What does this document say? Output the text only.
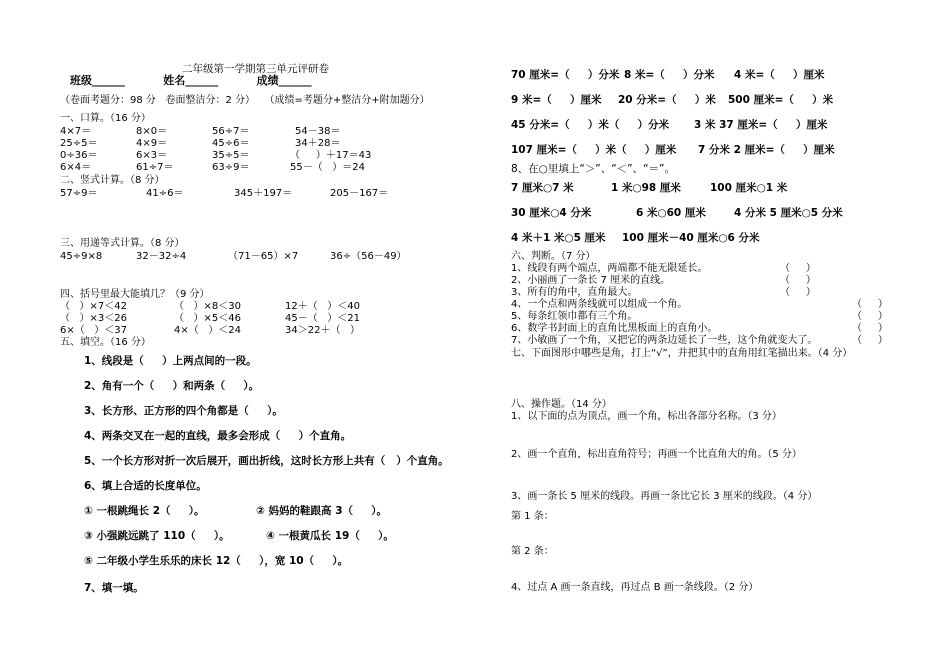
二年级第一学期第三单元评研卷
班级______          姓名______          成绩______
（卷面考题分：98 分   卷面整洁分：2 分）   （成绩=考题分+整洁分+附加题分）
一、口算。（16 分）
4×7＝	8×0＝	56÷7＝	54－38＝
25÷5＝	4×9＝	45÷6＝	34＋28＝
0÷36＝	6×3＝	35÷5＝	（     ）＋17＝43
6×4＝	61÷7＝	63÷9＝	55－（   ）＝24
二、竖式计算。（8 分）
57÷9＝	41÷6＝	345＋197＝	205－167＝
三、用递等式计算。（8 分）
45÷9×8	32－32÷4	（71－65）×7	36÷（56－49）
四、括号里最大能填几？（9 分）
（   ）×7＜42	（   ）×8＜30	12＋（   ）＜40
（   ）×3＜26	（   ）×5＜46	45－（   ）＜21
6×（   ）＜37	4×（   ）＜24	34＞22＋（   ）
五、填空。（16 分）
1、线段是（     ）上两点间的一段。
2、角有一个（     ）和两条（     ）。
3、长方形、正方形的四个角都是（     ）。
4、两条交叉在一起的直线，最多会形成（     ）个直角。
5、一个长方形对折一次后展开，画出折线，这时长方形上共有（   ）个直角。
6、填上合适的长度单位。
① 一根跳绳长 2（     ）。	② 妈妈的鞋跟高 3（     ）。
③ 小强跳远跳了 110（     ）。	④ 一根黄瓜长 19（     ）。
⑤ 二年级小学生乐乐的床长 12（     ），宽 10（     ）。
7、填一填。
70 厘米=（     ）分米 8 米=（     ）分米 4 米=（     ）厘米
9 米=（     ）厘米 20 分米=（     ）米 500 厘米=（     ）米
45 分米=（     ）米（     ）分米 3 米 37 厘米=（     ）厘米
107 厘米=（     ）米（     ）厘米 7 分米 2 厘米=（     ）厘米
8、在○里填上“＞”、“＜”、“＝”。
7 厘米○7 米	1 米○98 厘米	100 厘米○1 米
30 厘米○4 分米	6 米○60 厘米	4 分米 5 厘米○5 分米
4 米＋1 米○5 厘米 100 厘米－40 厘米○6 分米
六、判断。（7 分）
1、线段有两个端点，两端都不能无限延长。	（     ）
2、小丽画了一条长 7 厘米的直线。	（     ）
3、所有的角中，直角最大。	（     ）
4、一个点和两条线就可以组成一个角。	（     ）
5、每条红领巾都有三个角。	（     ）
6、数学书封面上的直角比黑板面上的直角小。	（     ）
7、小敏画了一个角，又把它的两条边延长了一些，这个角就变大了。	（     ）
七、下面图形中哪些是角，打上“√”，并把其中的直角用红笔描出来。（4 分）
八、操作题。（14 分）
1、以下面的点为顶点，画一个角，标出各部分名称。（3 分）
2、画一个直角，标出直角符号；再画一个比直角大的角。（5 分）
3、画一条长 5 厘米的线段。再画一条比它长 3 厘米的线段。（4 分）
第 1 条：
第 2 条：
4、过点 A 画一条直线，再过点 B 画一条线段。（2 分）
